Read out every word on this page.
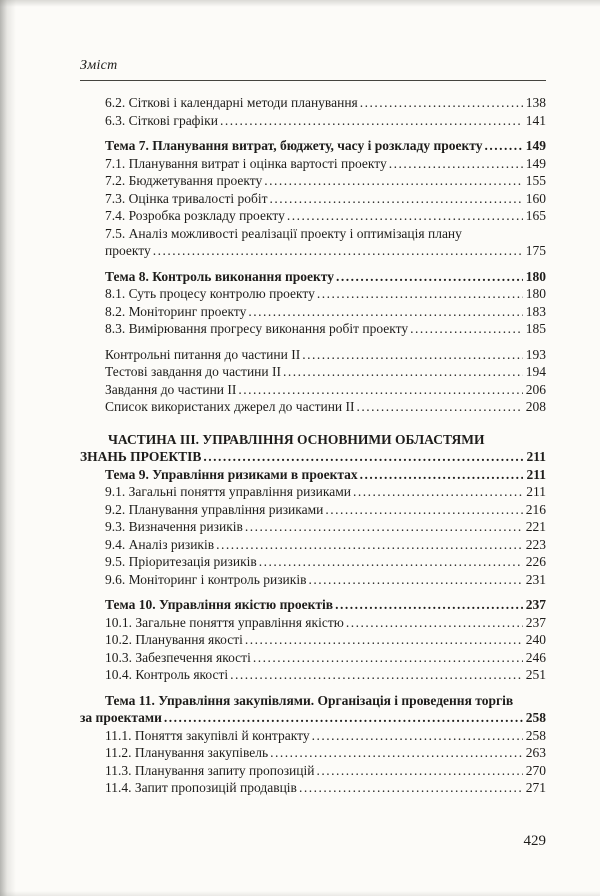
Зміст
6.2. Сіткові і календарні методи планування .....	138
6.3. Сіткові графіки .....	141
Тема 7. Планування витрат, бюджету, часу і розкладу проекту .....	149
7.1. Планування витрат і оцінка вартості проекту .....	149
7.2. Бюджетування проекту .....	155
7.3. Оцінка тривалості робіт .....	160
7.4. Розробка розкладу проекту .....	165
7.5. Аналіз можливості реалізації проекту і оптимізація плану
проекту .....	175
Тема 8. Контроль виконання проекту .....	180
8.1. Суть процесу контролю проекту .....	180
8.2. Моніторинг проекту .....	183
8.3. Вимірювання прогресу виконання робіт проекту .....	185
Контрольні питання до частини II .....	193
Тестові завдання до частини II .....	194
Завдання до частини II .....	206
Список використаних джерел до частини II .....	208
ЧАСТИНА III. УПРАВЛІННЯ ОСНОВНИМИ ОБЛАСТЯМИ
ЗНАНЬ ПРОЕКТІВ .....	211
Тема 9. Управління ризиками в проектах .....	211
9.1. Загальні поняття управління ризиками .....	211
9.2. Планування управління ризиками .....	216
9.3. Визначення ризиків .....	221
9.4. Аналіз ризиків .....	223
9.5. Пріоритезація ризиків .....	226
9.6. Моніторинг і контроль ризиків .....	231
Тема 10. Управління якістю проектів .....	237
10.1. Загальне поняття управління якістю .....	237
10.2. Планування якості .....	240
10.3. Забезпечення якості .....	246
10.4. Контроль якості .....	251
Тема 11. Управління закупівлями. Організація і проведення торгів
за проектами .....	258
11.1. Поняття закупівлі й контракту .....	258
11.2. Планування закупівель .....	263
11.3. Планування запиту пропозицій .....	270
11.4. Запит пропозицій продавців .....	271
429
